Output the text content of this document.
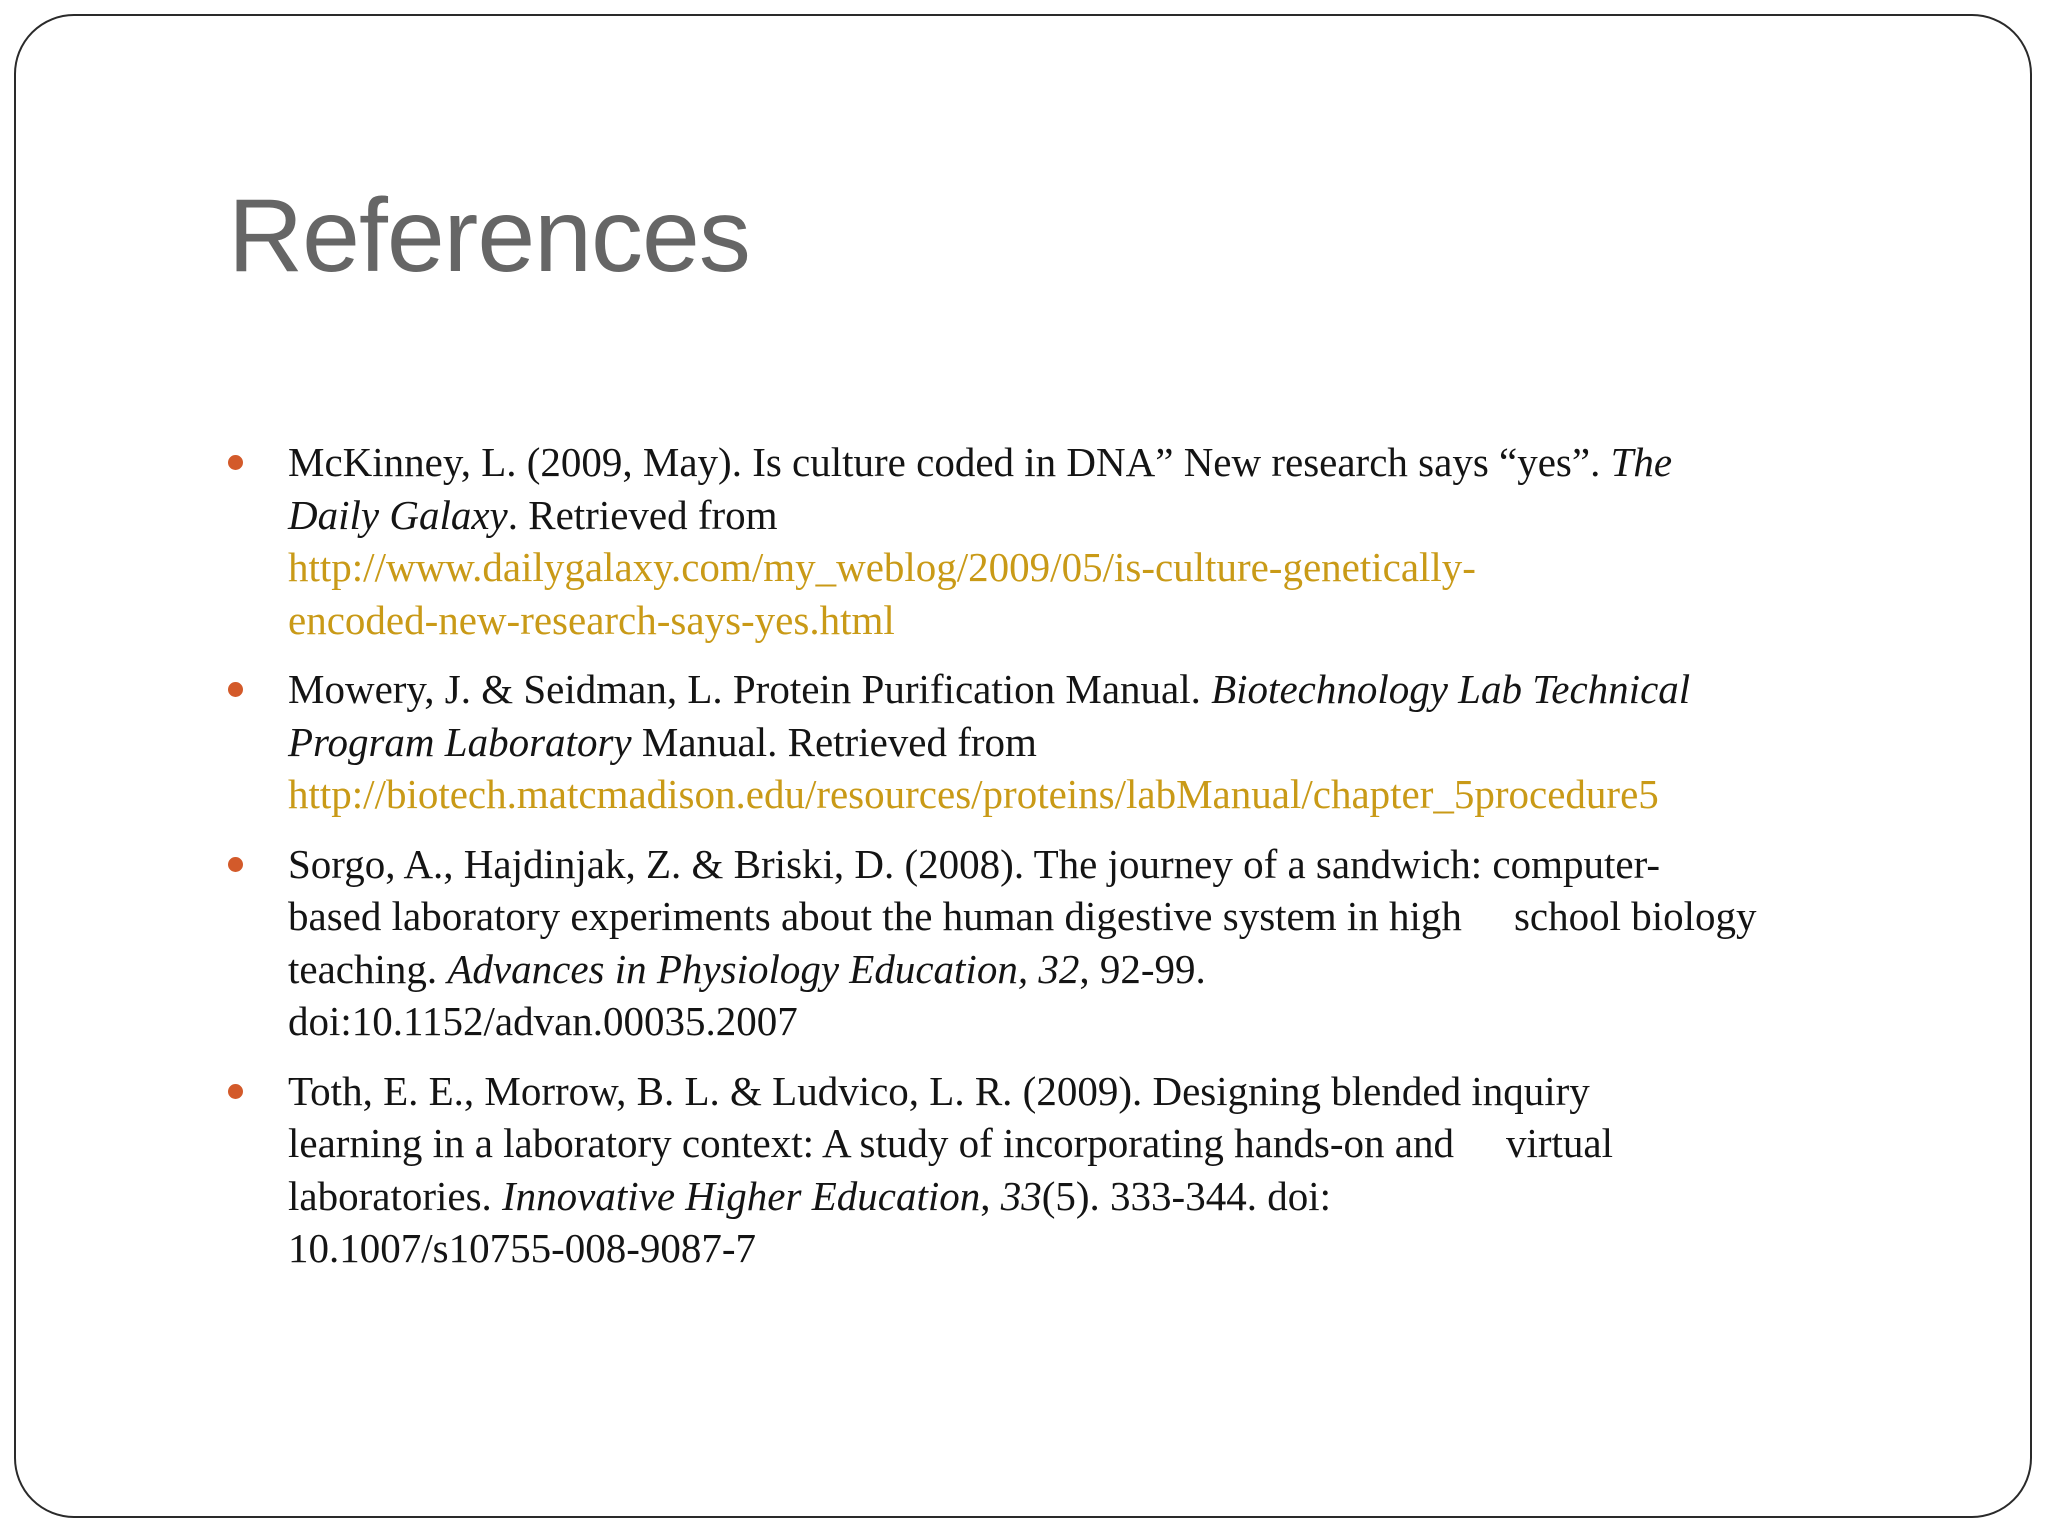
References
McKinney, L. (2009, May). Is culture coded in DNA” New research says “yes”. The
Daily Galaxy. Retrieved from
http://www.dailygalaxy.com/my_weblog/2009/05/is-culture-genetically-
encoded-new-research-says-yes.html
Mowery, J. & Seidman, L. Protein Purification Manual. Biotechnology Lab Technical
Program Laboratory Manual. Retrieved from
http://biotech.matcmadison.edu/resources/proteins/labManual/chapter_5procedure5
Sorgo, A., Hajdinjak, Z. & Briski, D. (2008). The journey of a sandwich: computer-
based laboratory experiments about the human digestive system in high school biology
teaching. Advances in Physiology Education, 32, 92-99.
doi:10.1152/advan.00035.2007
Toth, E. E., Morrow, B. L. & Ludvico, L. R. (2009). Designing blended inquiry
learning in a laboratory context: A study of incorporating hands-on and virtual
laboratories. Innovative Higher Education, 33(5). 333-344. doi:
10.1007/s10755-008-9087-7
